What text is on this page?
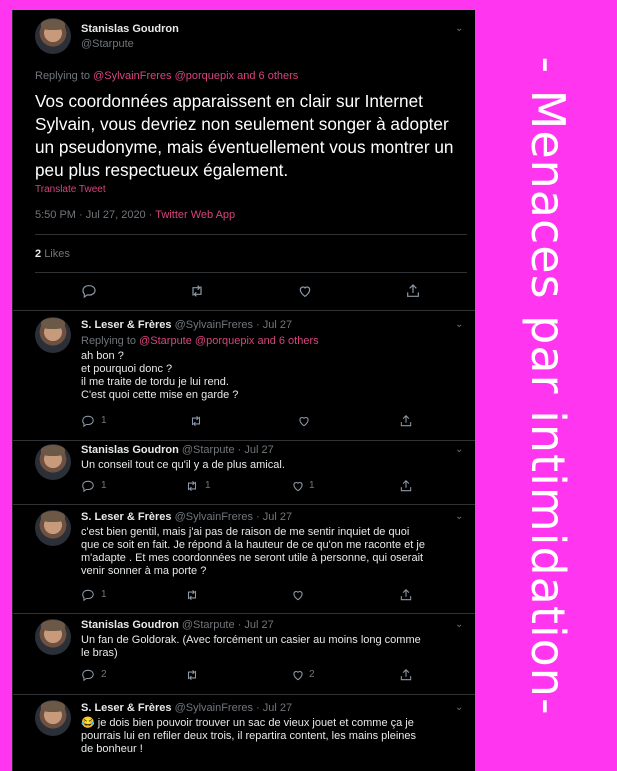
- Menaces par intimidation-
Stanislas Goudron
@Starpute
⌄
Replying to @SylvainFreres @porquepix and 6 others
Vos coordonnées apparaissent en clair sur Internet Sylvain, vous devriez non seulement songer à adopter un pseudonyme, mais éventuellement vous montrer un peu plus respectueux également.
Translate Tweet
5:50 PM · Jul 27, 2020 · Twitter Web App
2 Likes
S. Leser & Frères @SylvainFreres · Jul 27	⌄
Replying to @Starpute @porquepix and 6 others
ah bon ?
et pourquoi donc ?
il me traite de tordu je lui rend.
C'est quoi cette mise en garde ?
1
Stanislas Goudron @Starpute · Jul 27	⌄
Un conseil tout ce qu'il y a de plus amical.
1	1	1
S. Leser & Frères @SylvainFreres · Jul 27	⌄
c'est bien gentil, mais j'ai pas de raison de me sentir inquiet de quoi
que ce soit en fait. Je répond à la hauteur de ce qu'on me raconte et je
m'adapte . Et mes coordonnées ne seront utile à personne, qui oserait
venir sonner à ma porte ?
1
Stanislas Goudron @Starpute · Jul 27	⌄
Un fan de Goldorak. (Avec forcément un casier au moins long comme
le bras)
2	2
S. Leser & Frères @SylvainFreres · Jul 27	⌄
😂 je dois bien pouvoir trouver un sac de vieux jouet et comme ça je
pourrais lui en refiler deux trois, il repartira content, les mains pleines
de bonheur !
